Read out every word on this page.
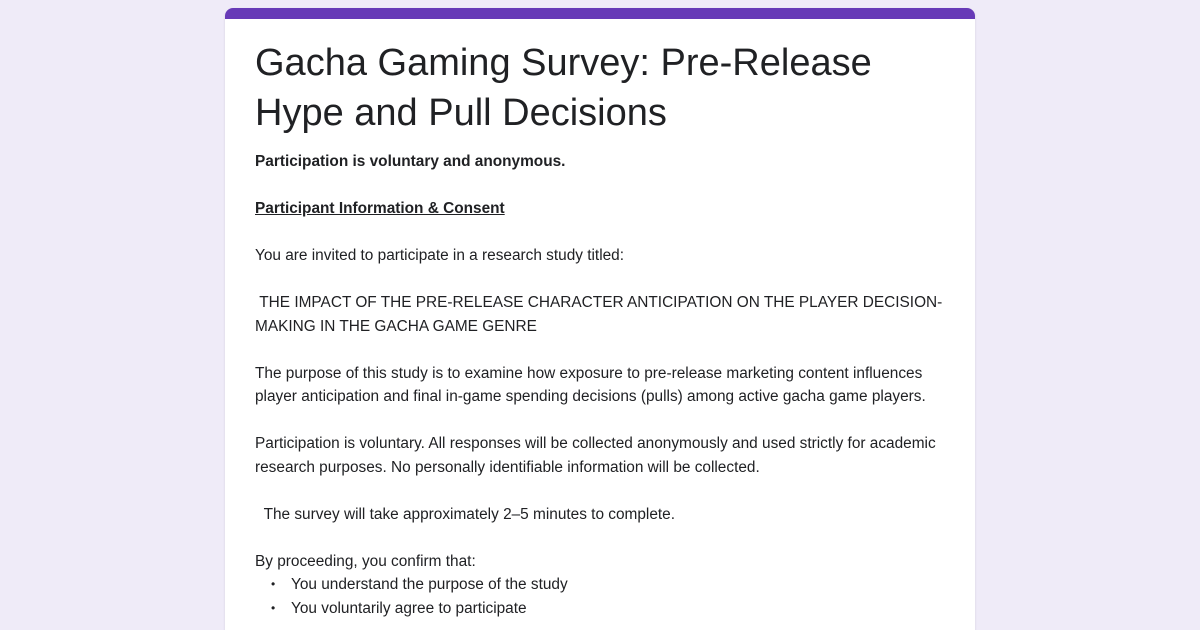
Gacha Gaming Survey: Pre-Release Hype and Pull Decisions

Participation is voluntary and anonymous.

Participant Information & Consent

You are invited to participate in a research study titled:

THE IMPACT OF THE PRE-RELEASE CHARACTER ANTICIPATION ON THE PLAYER DECISION-MAKING IN THE GACHA GAME GENRE

The purpose of this study is to examine how exposure to pre-release marketing content influences player anticipation and final in-game spending decisions (pulls) among active gacha game players.

Participation is voluntary. All responses will be collected anonymously and used strictly for academic research purposes. No personally identifiable information will be collected.

The survey will take approximately 2–5 minutes to complete.

By proceeding, you confirm that:

• You understand the purpose of the study
• You voluntarily agree to participate
